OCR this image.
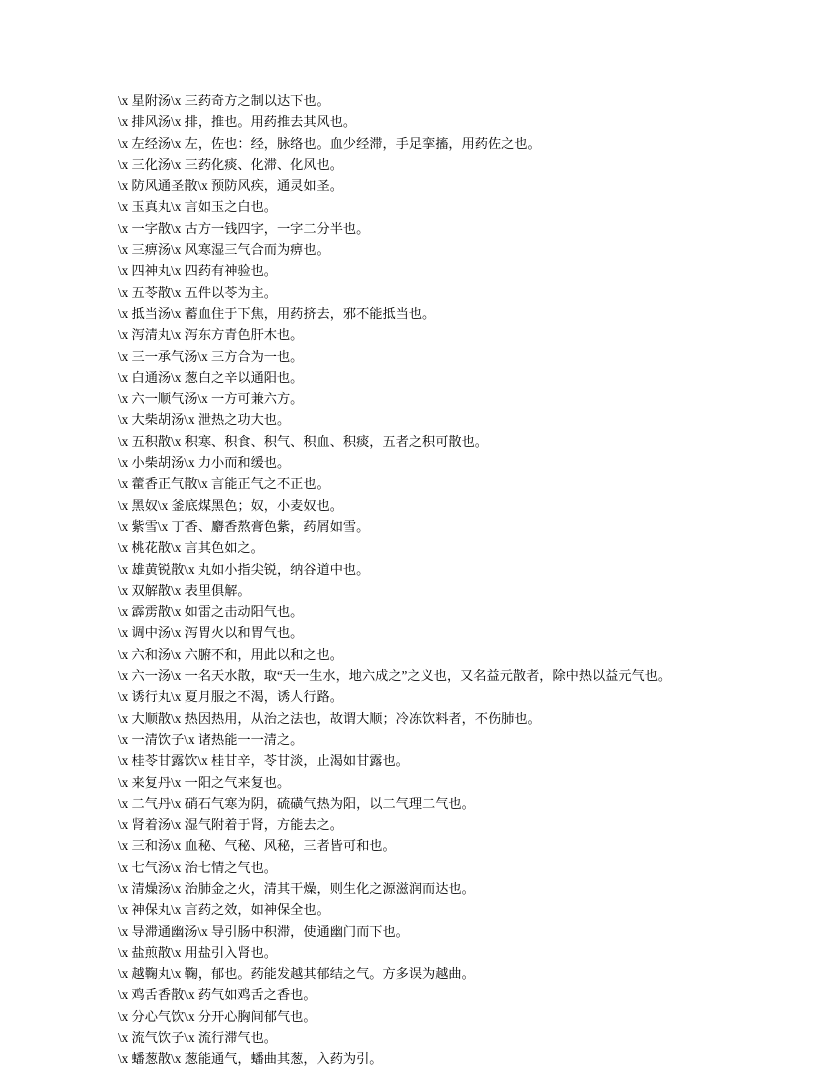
\x 星附汤\x 三药奇方之制以达下也。
\x 排风汤\x 排，推也。用药推去其风也。
\x 左经汤\x 左，佐也：经，脉络也。血少经滞，手足挛搐，用药佐之也。
\x 三化汤\x 三药化痰、化滞、化风也。
\x 防风通圣散\x 预防风疾，通灵如圣。
\x 玉真丸\x 言如玉之白也。
\x 一字散\x 古方一钱四字，一字二分半也。
\x 三痹汤\x 风寒湿三气合而为痹也。
\x 四神丸\x 四药有神验也。
\x 五苓散\x 五件以苓为主。
\x 抵当汤\x 蓄血住于下焦，用药挤去，邪不能抵当也。
\x 泻清丸\x 泻东方青色肝木也。
\x 三一承气汤\x 三方合为一也。
\x 白通汤\x 葱白之辛以通阳也。
\x 六一顺气汤\x 一方可兼六方。
\x 大柴胡汤\x 泄热之功大也。
\x 五积散\x 积寒、积食、积气、积血、积痰，五者之积可散也。
\x 小柴胡汤\x 力小而和缓也。
\x 藿香正气散\x 言能正气之不正也。
\x 黑奴\x 釜底煤黑色；奴，小麦奴也。
\x 紫雪\x 丁香、麝香熬膏色紫，药屑如雪。
\x 桃花散\x 言其色如之。
\x 雄黄锐散\x 丸如小指尖锐，纳谷道中也。
\x 双解散\x 表里俱解。
\x 霹雳散\x 如雷之击动阳气也。
\x 调中汤\x 泻胃火以和胃气也。
\x 六和汤\x 六腑不和，用此以和之也。
\x 六一汤\x 一名天水散，取“天一生水，地六成之”之义也，又名益元散者，除中热以益元气也。
\x 诱行丸\x 夏月服之不渴，诱人行路。
\x 大顺散\x 热因热用，从治之法也，故谓大顺；冷冻饮料者，不伤肺也。
\x 一清饮子\x 诸热能一一清之。
\x 桂苓甘露饮\x 桂甘辛，苓甘淡，止渴如甘露也。
\x 来复丹\x 一阳之气来复也。
\x 二气丹\x 硝石气寒为阴，硫磺气热为阳，以二气理二气也。
\x 肾着汤\x 湿气附着于肾，方能去之。
\x 三和汤\x 血秘、气秘、风秘，三者皆可和也。
\x 七气汤\x 治七情之气也。
\x 清燥汤\x 治肺金之火，清其干燥，则生化之源滋润而达也。
\x 神保丸\x 言药之效，如神保全也。
\x 导滞通幽汤\x 导引肠中积滞，使通幽门而下也。
\x 盐煎散\x 用盐引入肾也。
\x 越鞠丸\x 鞠，郁也。药能发越其郁结之气。方多误为越曲。
\x 鸡舌香散\x 药气如鸡舌之香也。
\x 分心气饮\x 分开心胸间郁气也。
\x 流气饮子\x 流行滞气也。
\x 蟠葱散\x 葱能通气，蟠曲其葱，入药为引。
